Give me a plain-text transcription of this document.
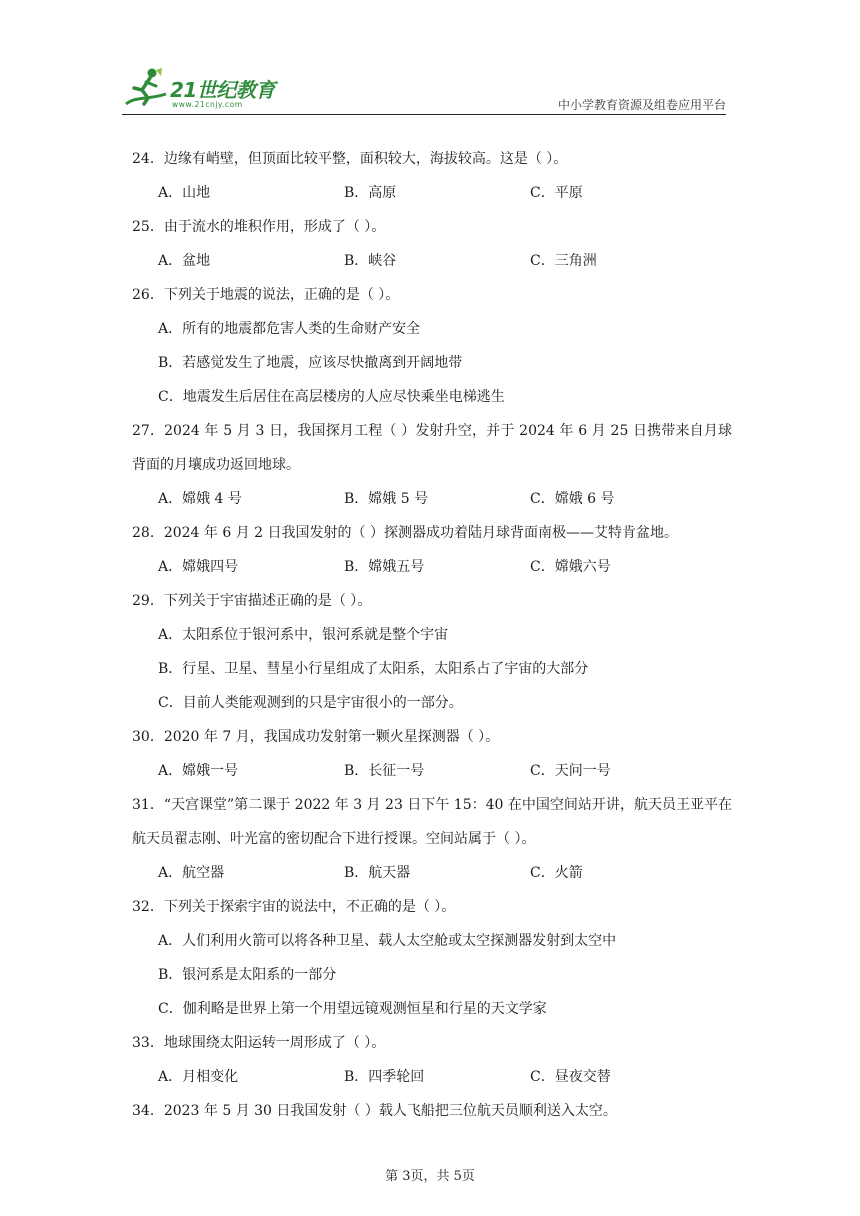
21世纪教育
www.21cnjy.com	中小学教育资源及组卷应用平台
24．边缘有峭壁，但顶面比较平整，面积较大，海拔较高。这是（ ）。
A．山地	B．高原	C．平原
25．由于流水的堆积作用，形成了（ ）。
A．盆地	B．峡谷	C．三角洲
26．下列关于地震的说法，正确的是（ ）。
A．所有的地震都危害人类的生命财产安全
B．若感觉发生了地震，应该尽快撤离到开阔地带
C．地震发生后居住在高层楼房的人应尽快乘坐电梯逃生
27．2024 年 5 月 3 日，我国探月工程（ ）发射升空，并于 2024 年 6 月 25 日携带来自月球背面的月壤成功返回地球。
A．嫦娥 4 号	B．嫦娥 5 号	C．嫦娥 6 号
28．2024 年 6 月 2 日我国发射的（ ）探测器成功着陆月球背面南极——艾特肯盆地。
A．嫦娥四号	B．嫦娥五号	C．嫦娥六号
29．下列关于宇宙描述正确的是（ ）。
A．太阳系位于银河系中，银河系就是整个宇宙
B．行星、卫星、彗星小行星组成了太阳系，太阳系占了宇宙的大部分
C．目前人类能观测到的只是宇宙很小的一部分。
30．2020 年 7 月，我国成功发射第一颗火星探测器（ ）。
A．嫦娥一号	B．长征一号	C．天问一号
31．“天宫课堂”第二课于 2022 年 3 月 23 日下午 15：40 在中国空间站开讲，航天员王亚平在航天员翟志刚、叶光富的密切配合下进行授课。空间站属于（ ）。
A．航空器	B．航天器	C．火箭
32．下列关于探索宇宙的说法中，不正确的是（ ）。
A．人们利用火箭可以将各种卫星、载人太空舱或太空探测器发射到太空中
B．银河系是太阳系的一部分
C．伽利略是世界上第一个用望远镜观测恒星和行星的天文学家
33．地球围绕太阳运转一周形成了（ ）。
A．月相变化	B．四季轮回	C．昼夜交替
34．2023 年 5 月 30 日我国发射（ ）载人飞船把三位航天员顺利送入太空。
第 3页，共 5页
